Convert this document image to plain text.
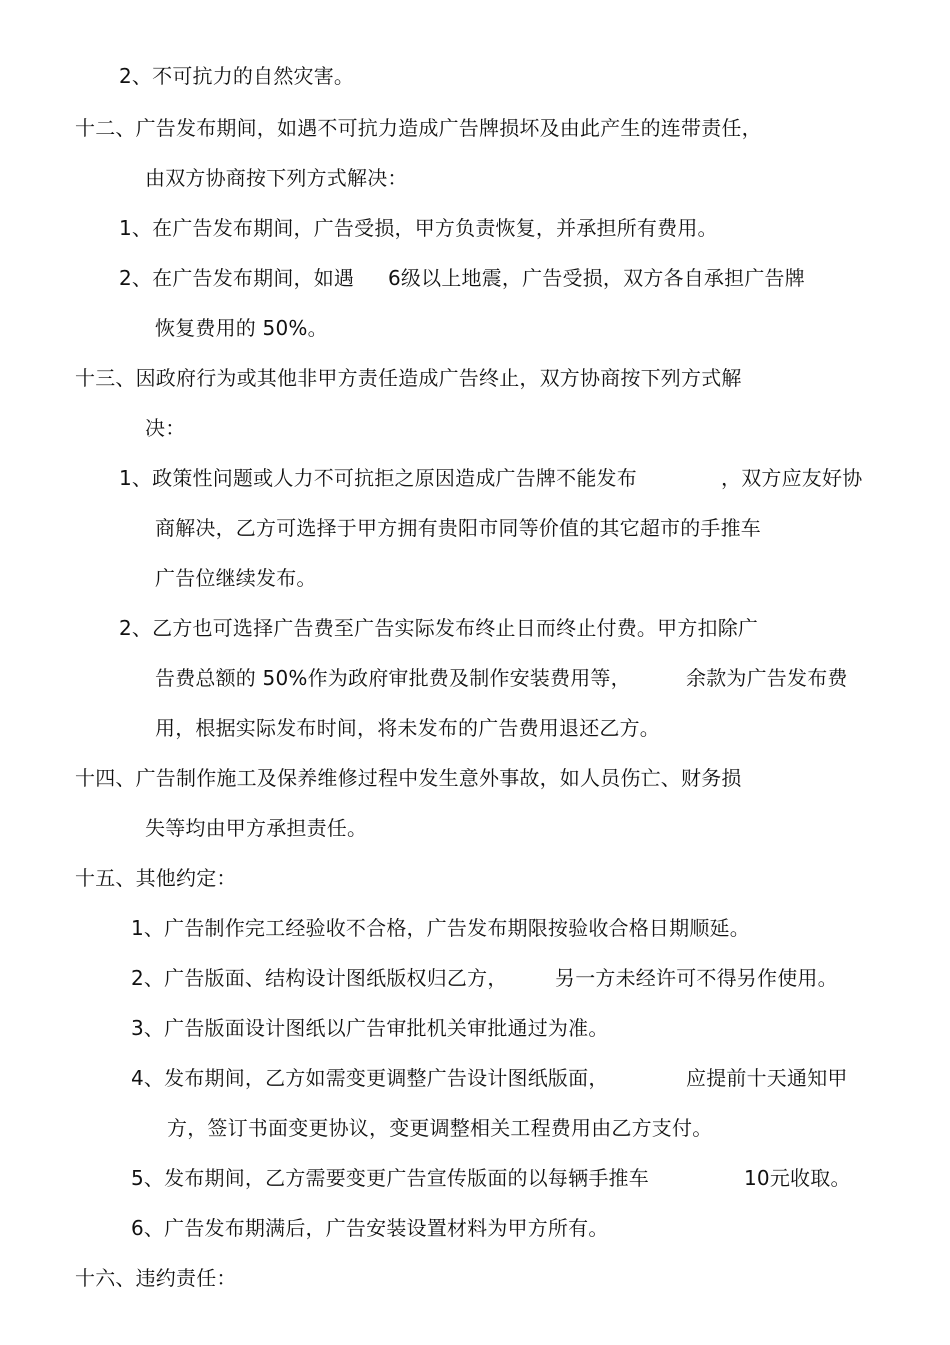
2、不可抗力的自然灾害。
十二、广告发布期间，如遇不可抗力造成广告牌损坏及由此产生的连带责任，
由双方协商按下列方式解决：
1、在广告发布期间，广告受损，甲方负责恢复，并承担所有费用。
2、在广告发布期间，如遇 6级以上地震，广告受损，双方各自承担广告牌
恢复费用的 50%。
十三、因政府行为或其他非甲方责任造成广告终止，双方协商按下列方式解
决：
1、政策性问题或人力不可抗拒之原因造成广告牌不能发布	，双方应友好协
商解决，乙方可选择于甲方拥有贵阳市同等价值的其它超市的手推车
广告位继续发布。
2、乙方也可选择广告费至广告实际发布终止日而终止付费。甲方扣除广
告费总额的 50%作为政府审批费及制作安装费用等，	余款为广告发布费
用，根据实际发布时间，将未发布的广告费用退还乙方。
十四、广告制作施工及保养维修过程中发生意外事故，如人员伤亡、财务损
失等均由甲方承担责任。
十五、其他约定：
1、广告制作完工经验收不合格，广告发布期限按验收合格日期顺延。
2、广告版面、结构设计图纸版权归乙方， 另一方未经许可不得另作使用。
3、广告版面设计图纸以广告审批机关审批通过为准。
4、发布期间，乙方如需变更调整广告设计图纸版面，	应提前十天通知甲
方，签订书面变更协议，变更调整相关工程费用由乙方支付。
5、发布期间，乙方需要变更广告宣传版面的以每辆手推车	10元收取。
6、广告发布期满后，广告安装设置材料为甲方所有。
十六、违约责任：
